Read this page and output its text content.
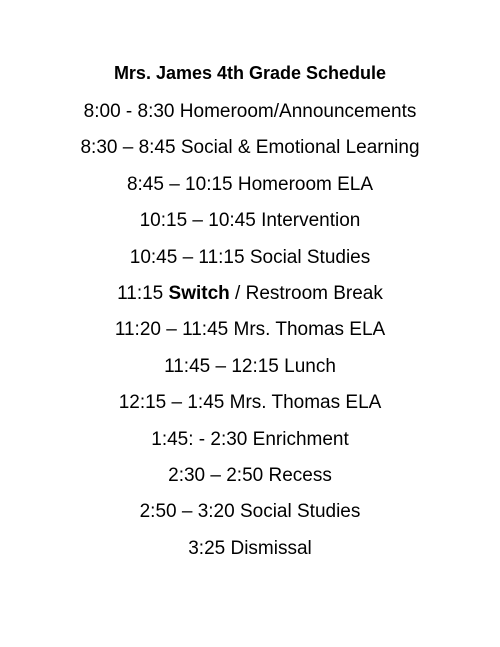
Mrs. James 4th Grade Schedule
8:00 - 8:30 Homeroom/Announcements
8:30 – 8:45 Social & Emotional Learning
8:45 – 10:15 Homeroom ELA
10:15 – 10:45 Intervention
10:45 – 11:15 Social Studies
11:15 Switch / Restroom Break
11:20 – 11:45 Mrs. Thomas ELA
11:45 – 12:15 Lunch
12:15 – 1:45 Mrs. Thomas ELA
1:45: - 2:30 Enrichment
2:30 – 2:50 Recess
2:50 – 3:20 Social Studies
3:25 Dismissal
